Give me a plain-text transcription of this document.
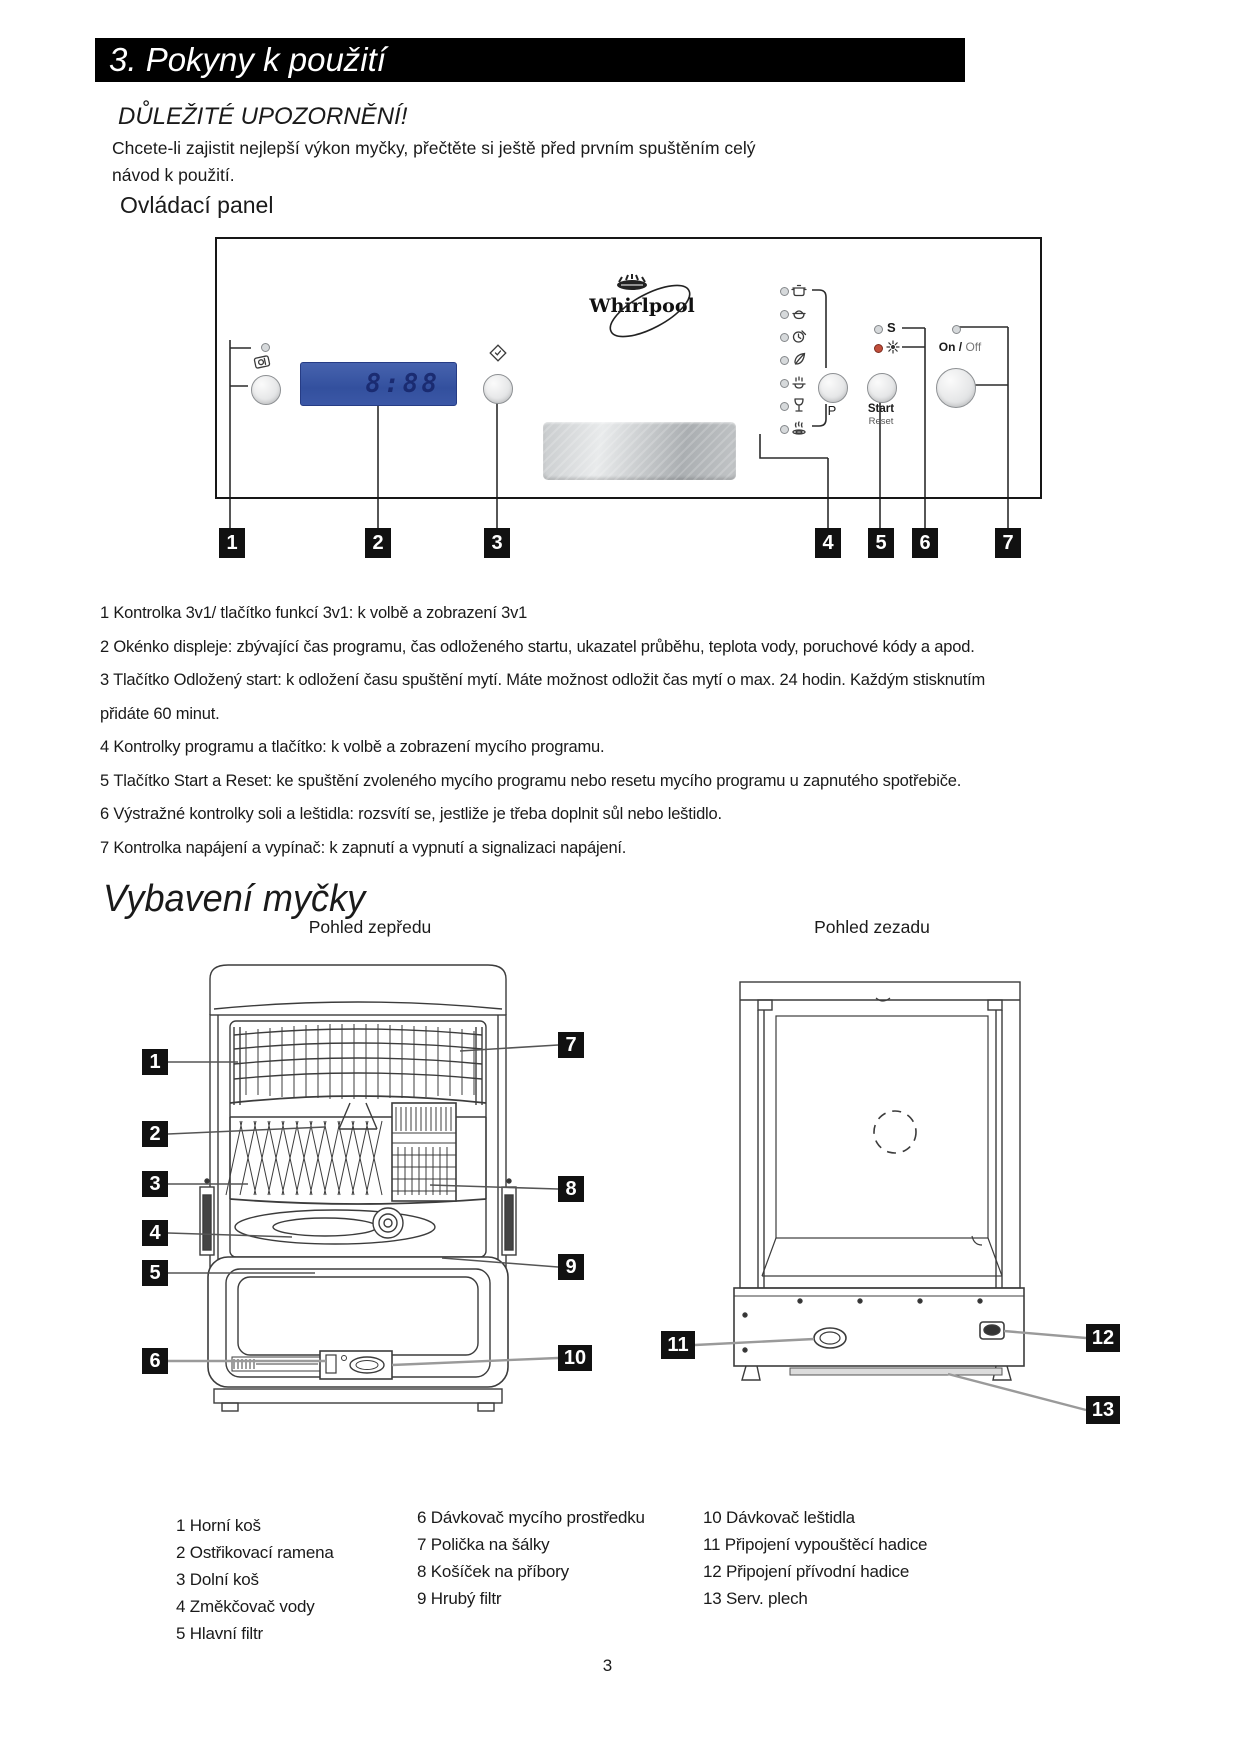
3. Pokyny k použití
DŮLEŽITÉ UPOZORNĚNÍ!
Chcete-li zajistit nejlepší výkon myčky, přečtěte si ještě před prvním spuštěním celý
návod k použití.
Ovládací panel
8:88
Whirlpool
P
S
Start
Reset
On / Off
1	2	3	4	5	6	7

1 Kontrolka 3v1/ tlačítko funkcí 3v1: k volbě a zobrazení 3v1

2 Okénko displeje: zbývající čas programu, čas odloženého startu, ukazatel průběhu, teplota vody, poruchové kódy a apod.

3 Tlačítko Odložený start: k odložení času spuštění mytí. Máte možnost odložit čas mytí o max. 24 hodin. Každým stisknutím
přidáte 60 minut.

4 Kontrolky programu a tlačítko: k volbě a zobrazení mycího programu.

5 Tlačítko Start a Reset: ke spuštění zvoleného mycího programu nebo resetu mycího programu u zapnutého spotřebiče.

6 Výstražné kontrolky soli a leštidla: rozsvítí se, jestliže je třeba doplnit sůl nebo leštidlo.

7 Kontrolka napájení a vypínač: k zapnutí a vypnutí a signalizaci napájení.

Vybavení myčky
Pohled zepředu	Pohled zezadu
1
2
3
4
5
6
7
8
9
10
11	12
13
1 Horní koš
2 Ostřikovací ramena
3 Dolní koš
4 Změkčovač vody
5 Hlavní filtr
6 Dávkovač mycího prostředku
7 Polička na šálky
8 Košíček na příbory
9 Hrubý filtr
10 Dávkovač leštidla
11 Připojení vypouštěcí hadice
12 Připojení přívodní hadice
13 Serv. plech
3
